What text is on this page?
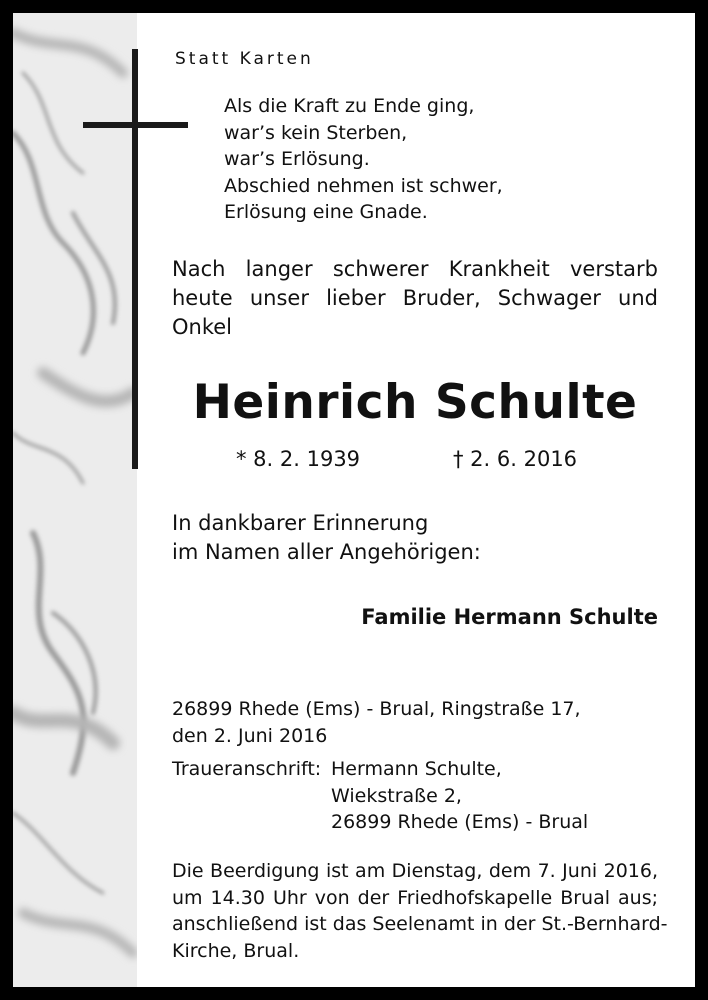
Statt Karten
Als die Kraft zu Ende ging,
war’s kein Sterben,
war’s Erlösung.
Abschied nehmen ist schwer,
Erlösung eine Gnade.
Nach langer schwerer Krankheit verstarb
heute unser lieber Bruder, Schwager und
Onkel
Heinrich Schulte
* 8. 2. 1939	† 2. 6. 2016
In dankbarer Erinnerung
im Namen aller Angehörigen:
Familie Hermann Schulte
26899 Rhede (Ems) - Brual, Ringstraße 17,
den 2. Juni 2016
Traueranschrift: Hermann Schulte,
Wiekstraße 2,
26899 Rhede (Ems) - Brual
Die Beerdigung ist am Dienstag, dem 7. Juni 2016,
um 14.30 Uhr von der Friedhofskapelle Brual aus;
anschließend ist das Seelenamt in der St.-Bernhard-
Kirche, Brual.
